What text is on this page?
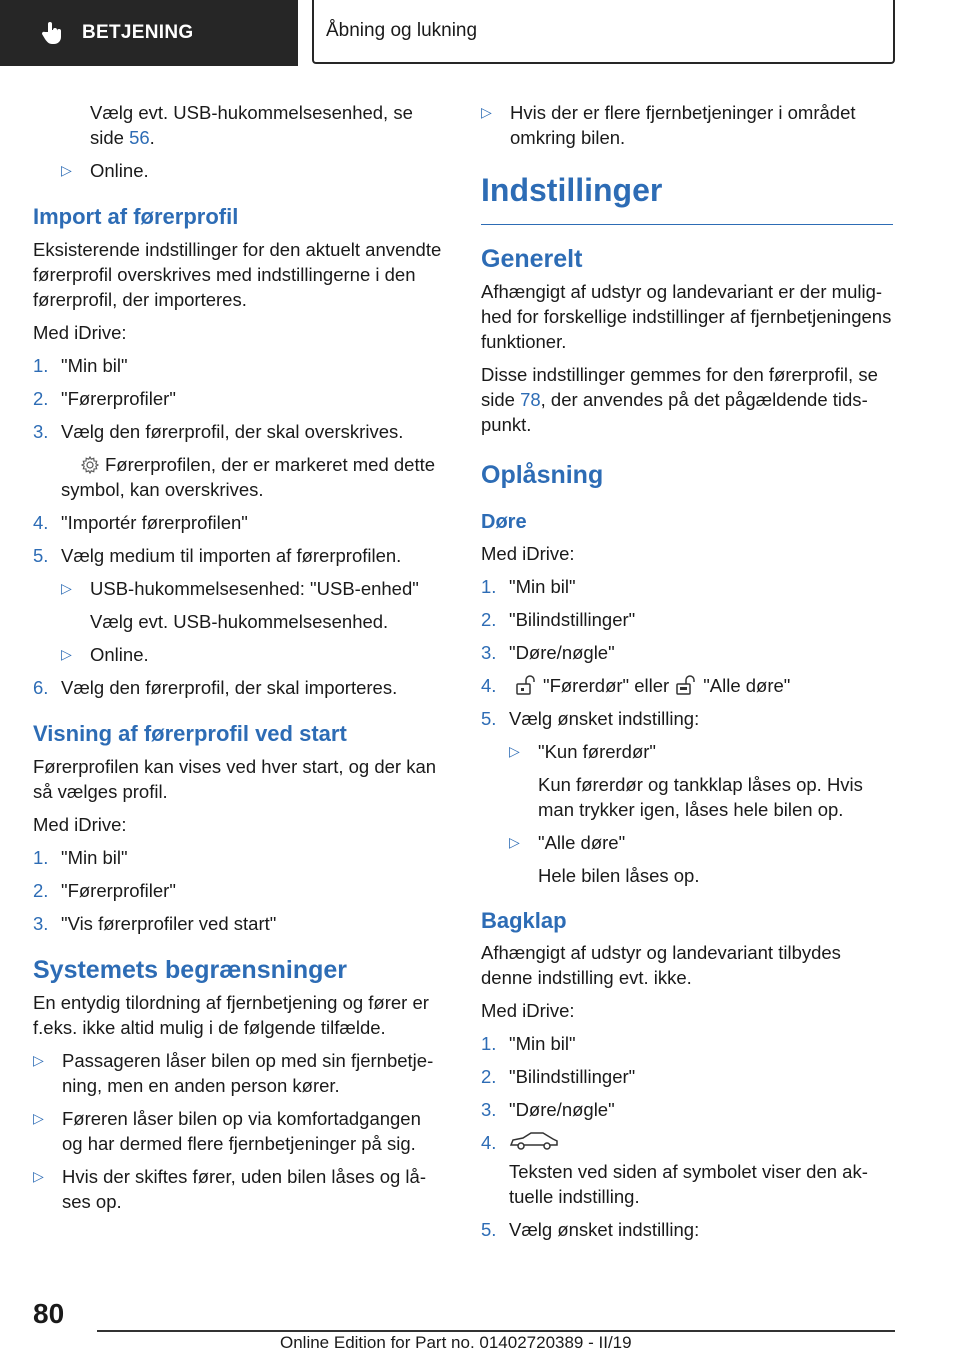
BETJENING	Åbning og lukning

Vælg evt. USB-hukommelsesenhed, se side 56.

▷ Online.
Import af førerprofil

Eksisterende indstillinger for den aktuelt anvendte førerprofil overskrives med indstillingerne i den førerprofil, der importeres.

Med iDrive:

1. "Min bil"
2. "Førerprofiler"
3. Vælg den førerprofil, der skal overskrives.

Førerprofilen, der er markeret med dette symbol, kan overskrives.

4. "Importér førerprofilen"
5. Vælg medium til importen af førerprofilen.
▷ USB-hukommelsesenhed: "USB-enhed"

Vælg evt. USB-hukommelsesenhed.

▷ Online.
6. Vælg den førerprofil, der skal importeres.
Visning af førerprofil ved start

Førerprofilen kan vises ved hver start, og der kan så vælges profil.

Med iDrive:

1. "Min bil"
2. "Førerprofiler"
3. "Vis førerprofiler ved start"
Systemets begrænsninger

En entydig tilordning af fjernbetjening og fører er f.eks. ikke altid mulig i de følgende tilfælde.

▷ Passageren låser bilen op med sin fjernbetjening, men en anden person kører.
▷ Føreren låser bilen op via komfortadgangen og har dermed flere fjernbetjeninger på sig.
▷ Hvis der skiftes fører, uden bilen låses og låses op.
▷ Hvis der er flere fjernbetjeninger i området omkring bilen.
Indstillinger
Generelt

Afhængigt af udstyr og landevariant er der mulighed for forskellige indstillinger af fjernbetjeningens funktioner.

Disse indstillinger gemmes for den førerprofil, se side 78, der anvendes på det pågældende tidspunkt.

Oplåsning
Døre

Med iDrive:

1. "Min bil"
2. "Bilindstillinger"
3. "Døre/nøgle"
4.	"Førerdør" eller "Alle døre"
5. Vælg ønsket indstilling:
▷ "Kun førerdør"

Kun førerdør og tankklap låses op. Hvis man trykker igen, låses hele bilen op.

▷ "Alle døre"

Hele bilen låses op.

Bagklap

Afhængigt af udstyr og landevariant tilbydes denne indstilling evt. ikke.

Med iDrive:

1. "Min bil"
2. "Bilindstillinger"
3. "Døre/nøgle"
4.

Teksten ved siden af symbolet viser den aktuelle indstilling.

5. Vælg ønsket indstilling:
80
Online Edition for Part no. 01402720389 - II/19
